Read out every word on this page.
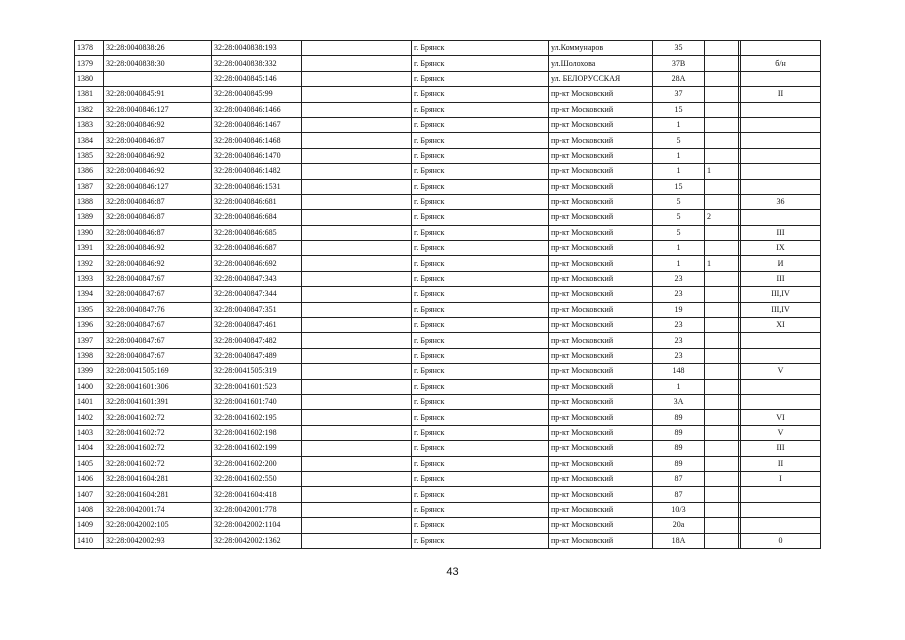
1378	32:28:0040838:26	32:28:0040838:193		г. Брянск	ул.Коммунаров	35			
1379	32:28:0040838:30	32:28:0040838:332		г. Брянск	ул.Шолохова	37В			б/н
1380		32:28:0040845:146		г. Брянск	ул. БЕЛОРУССКАЯ	28А			
1381	32:28:0040845:91	32:28:0040845:99		г. Брянск	пр-кт Московский	37			II
1382	32:28:0040846:127	32:28:0040846:1466		г. Брянск	пр-кт Московский	15			
1383	32:28:0040846:92	32:28:0040846:1467		г. Брянск	пр-кт Московский	1			
1384	32:28:0040846:87	32:28:0040846:1468		г. Брянск	пр-кт Московский	5			
1385	32:28:0040846:92	32:28:0040846:1470		г. Брянск	пр-кт Московский	1			
1386	32:28:0040846:92	32:28:0040846:1482		г. Брянск	пр-кт Московский	1	1		
1387	32:28:0040846:127	32:28:0040846:1531		г. Брянск	пр-кт Московский	15			
1388	32:28:0040846:87	32:28:0040846:681		г. Брянск	пр-кт Московский	5			36
1389	32:28:0040846:87	32:28:0040846:684		г. Брянск	пр-кт Московский	5	2		
1390	32:28:0040846:87	32:28:0040846:685		г. Брянск	пр-кт Московский	5			III
1391	32:28:0040846:92	32:28:0040846:687		г. Брянск	пр-кт Московский	1			IX
1392	32:28:0040846:92	32:28:0040846:692		г. Брянск	пр-кт Московский	1	1		И
1393	32:28:0040847:67	32:28:0040847:343		г. Брянск	пр-кт Московский	23			III
1394	32:28:0040847:67	32:28:0040847:344		г. Брянск	пр-кт Московский	23			III,IV
1395	32:28:0040847:76	32:28:0040847:351		г. Брянск	пр-кт Московский	19			III,IV
1396	32:28:0040847:67	32:28:0040847:461		г. Брянск	пр-кт Московский	23			XI
1397	32:28:0040847:67	32:28:0040847:482		г. Брянск	пр-кт Московский	23			
1398	32:28:0040847:67	32:28:0040847:489		г. Брянск	пр-кт Московский	23			
1399	32:28:0041505:169	32:28:0041505:319		г. Брянск	пр-кт Московский	148			V
1400	32:28:0041601:306	32:28:0041601:523		г. Брянск	пр-кт Московский	1			
1401	32:28:0041601:391	32:28:0041601:740		г. Брянск	пр-кт Московский	3А			
1402	32:28:0041602:72	32:28:0041602:195		г. Брянск	пр-кт Московский	89			VI
1403	32:28:0041602:72	32:28:0041602:198		г. Брянск	пр-кт Московский	89			V
1404	32:28:0041602:72	32:28:0041602:199		г. Брянск	пр-кт Московский	89			III
1405	32:28:0041602:72	32:28:0041602:200		г. Брянск	пр-кт Московский	89			II
1406	32:28:0041604:281	32:28:0041602:550		г. Брянск	пр-кт Московский	87			I
1407	32:28:0041604:281	32:28:0041604:418		г. Брянск	пр-кт Московский	87			
1408	32:28:0042001:74	32:28:0042001:778		г. Брянск	пр-кт Московский	10/3			
1409	32:28:0042002:105	32:28:0042002:1104		г. Брянск	пр-кт Московский	20а			
1410	32:28:0042002:93	32:28:0042002:1362		г. Брянск	пр-кт Московский	18А			0
43
